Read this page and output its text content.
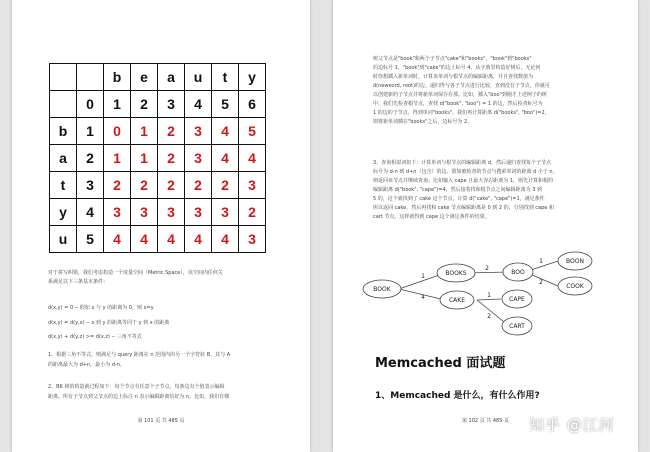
		b	e	a	u	t	y
	0	1	2	3	4	5	6
b	1	0	1	2	3	4	5
a	2	1	1	2	3	4	4
t	3	2	2	2	2	2	3
y	4	3	3	3	3	3	2
u	5	4	4	4	4	4	3
对于拼写纠错，我们考虑构造一个度量空间（Metric Space），该空间内任何关
系满足以下三条基本条件：
d(x,y) = 0 -- 假如 x 与 y 的距离为 0，则 x=y
d(x,y) = d(y,x) -- x 到 y 的距离等同于 y 到 x 的距离
d(x,y) + d(y,z) >= d(x,z) -- 三角不等式
1、根据三角不等式，则满足与 query 距离在 n 范围内的另一个字符转 B，其与 A
的距离最大为 d+n，最小为 d-n。
2、BK 树的构造就过程如下：每个节点有任意个子节点，每条边有个值表示编辑
距离。所有子节点到父节点的边上标注 n 表示编辑距离恰好为 n。比如，我们有棵
第 101 页 共 485 页
树父节点是"book"和两个子节点"cake"和"books"，"book"到"books"
的边标号 1，"book"到"cake"的边上标号 4。从字典里构造好树后，无论何
时你想插入新单词时，计算该单词与根节点的编辑距离，并且查找数值为
d(neweord, root)的边。递归得与各子节点进行比较，直到没有子节点，你就可
以创建新的子节点并将新单词保存在那。比如，插入"boo"到刚才上述例子的树
中，我们先检查根节点，查找 d("book", "boo") = 1 的边，然后检查标号为
1 的边的子节点，得到单词"books"。我们再计算距离 d("books", "boo")=2，
则将新单词插在"books"之后，边标号为 2。
3、查询相似词如下：计算单词与根节点的编辑距离 d，然后递归查找每个子节点
标号为 d-n 到 d+n（包含）的边。假如被检查的节点与搜索单词的距离 d 小于 n，
则返回该节点并继续查询。比如输入 cape 且最大容忍距离为 1，则先计算和根的
编辑距离 d("book", "cape")=4，然后接着找和根节点之间编辑距离为 3 到
5 的，这个就找到了 cake 这个节点，计算 d("cake", "cape")=1，满足条件
所以返回 cake，然后再找和 cake 节点编辑距离是 0 到 2 的，分别找到 cape 和
cart 节点，这样就得到 cape 这个满足条件的结果。
BOOK
BOOKS	BOO
BOON
COOK
CAKE	CAPE
CART
1
4
2
1
2
1
2
Memcached 面试题
1、Memcached 是什么，有什么作用?
第 102 页 共 485 页	知乎 @江河
